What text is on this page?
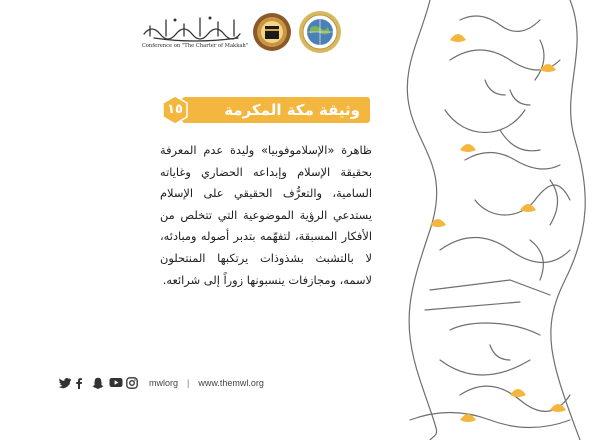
Conference on "The Charter of Makkah"
وثيقة مكة المكرمة
١٥
ظاهرة «الإسلاموفوبيا» وليدة عدم المعرفة بحقيقة الإسلام وإبداعه الحضاري وغاياته السامية، والتعرُّف الحقيقي على الإسلام يستدعي الرؤية الموضوعية التي تتخلص من الأفكار المسبقة، لتفهّمه بتدبر أصوله ومبادئه، لا بالتشبث بشذوذات يرتكبها المنتحلون لاسمه، ومجازفات ينسبونها زوراً إلى شرائعه.
mwlorg | www.themwl.org
